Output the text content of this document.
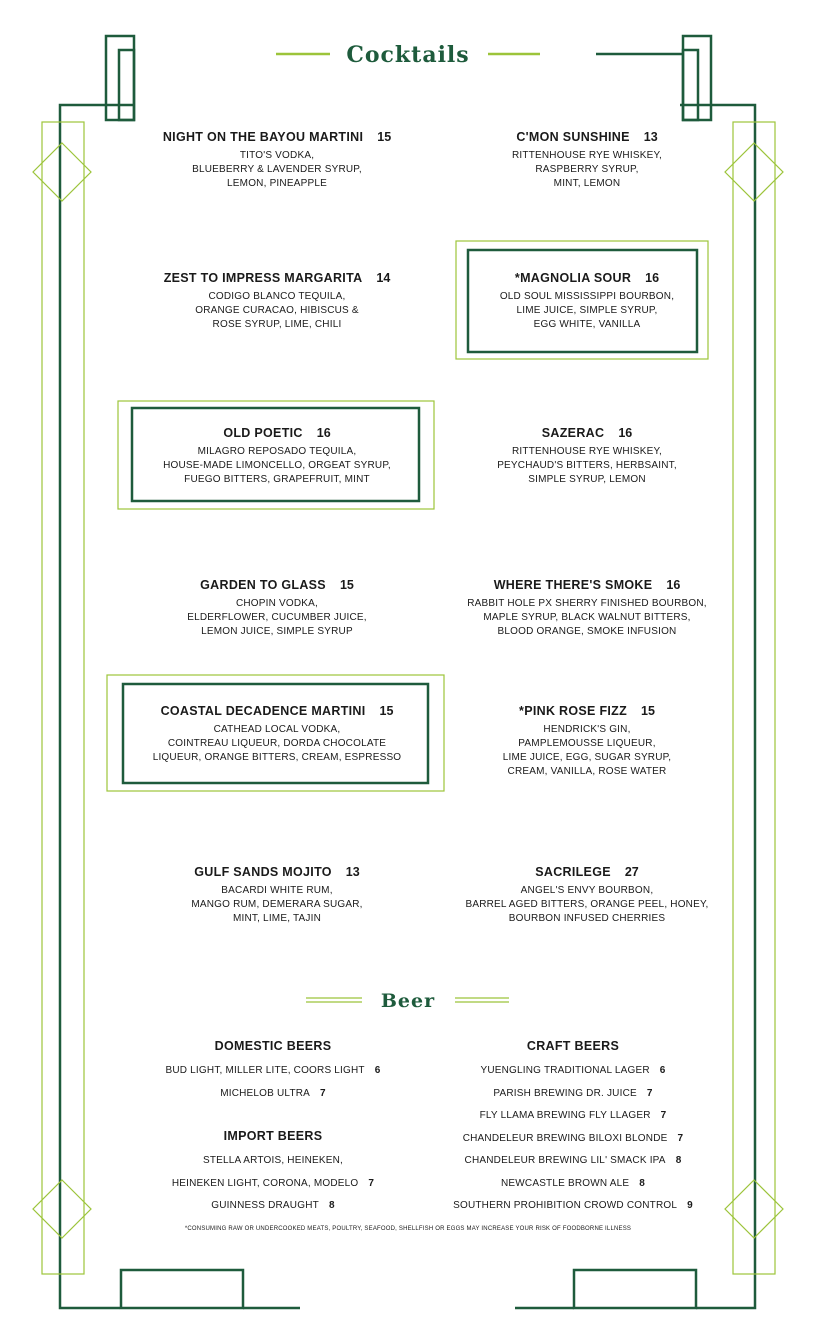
Cocktails
NIGHT ON THE BAYOU MARTINI 15
TITO'S VODKA,
BLUEBERRY & LAVENDER SYRUP,
LEMON, PINEAPPLE
C'MON SUNSHINE 13
RITTENHOUSE RYE WHISKEY,
RASPBERRY SYRUP,
MINT, LEMON
ZEST TO IMPRESS MARGARITA 14
CODIGO BLANCO TEQUILA,
ORANGE CURACAO, HIBISCUS &
ROSE SYRUP, LIME, CHILI
*MAGNOLIA SOUR 16
OLD SOUL MISSISSIPPI BOURBON,
LIME JUICE, SIMPLE SYRUP,
EGG WHITE, VANILLA
OLD POETIC 16
MILAGRO REPOSADO TEQUILA,
HOUSE-MADE LIMONCELLO, ORGEAT SYRUP,
FUEGO BITTERS, GRAPEFRUIT, MINT
SAZERAC 16
RITTENHOUSE RYE WHISKEY,
PEYCHAUD'S BITTERS, HERBSAINT,
SIMPLE SYRUP, LEMON
GARDEN TO GLASS 15
CHOPIN VODKA,
ELDERFLOWER, CUCUMBER JUICE,
LEMON JUICE, SIMPLE SYRUP
WHERE THERE'S SMOKE 16
RABBIT HOLE PX SHERRY FINISHED BOURBON,
MAPLE SYRUP, BLACK WALNUT BITTERS,
BLOOD ORANGE, SMOKE INFUSION
COASTAL DECADENCE MARTINI 15
CATHEAD LOCAL VODKA,
COINTREAU LIQUEUR, DORDA CHOCOLATE
LIQUEUR, ORANGE BITTERS, CREAM, ESPRESSO
*PINK ROSE FIZZ 15
HENDRICK'S GIN,
PAMPLEMOUSSE LIQUEUR,
LIME JUICE, EGG, SUGAR SYRUP,
CREAM, VANILLA, ROSE WATER
GULF SANDS MOJITO 13
BACARDI WHITE RUM,
MANGO RUM, DEMERARA SUGAR,
MINT, LIME, TAJIN
SACRILEGE 27
ANGEL'S ENVY BOURBON,
BARREL AGED BITTERS, ORANGE PEEL, HONEY,
BOURBON INFUSED CHERRIES
Beer
DOMESTIC BEERS
BUD LIGHT, MILLER LITE, COORS LIGHT 6
MICHELOB ULTRA 7
IMPORT BEERS
STELLA ARTOIS, HEINEKEN,
HEINEKEN LIGHT, CORONA, MODELO 7
GUINNESS DRAUGHT 8
CRAFT BEERS
YUENGLING TRADITIONAL LAGER 6
PARISH BREWING DR. JUICE 7
FLY LLAMA BREWING FLY LLAGER 7
CHANDELEUR BREWING BILOXI BLONDE 7
CHANDELEUR BREWING LIL' SMACK IPA 8
NEWCASTLE BROWN ALE 8
SOUTHERN PROHIBITION CROWD CONTROL 9
*CONSUMING RAW OR UNDERCOOKED MEATS, POULTRY, SEAFOOD, SHELLFISH OR EGGS MAY INCREASE YOUR RISK OF FOODBORNE ILLNESS
